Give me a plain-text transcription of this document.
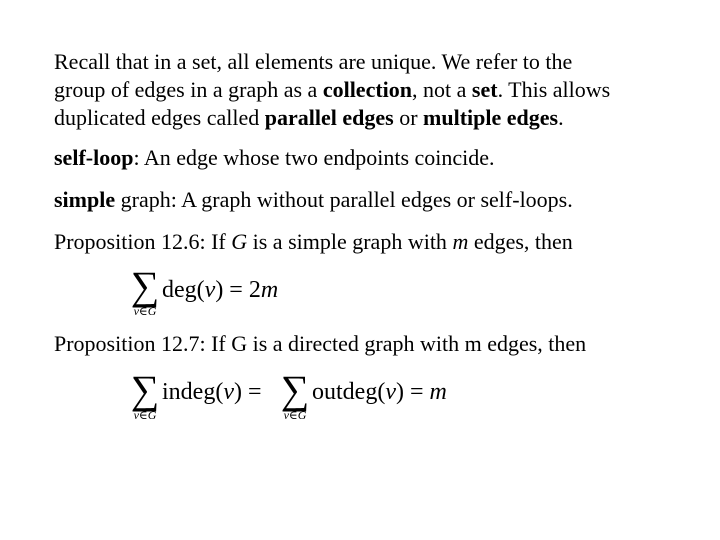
Recall that in a set, all elements are unique. We refer to the
group of edges in a graph as a collection, not a set. This allows
duplicated edges called parallel edges or multiple edges.
self-loop: An edge whose two endpoints coincide.
simple graph: A graph without parallel edges or self-loops.
Proposition 12.6: If G is a simple graph with m edges, then
∑
v∈G
deg(v) = 2m
Proposition 12.7: If G is a directed graph with m edges, then
∑
v∈G
indeg(v) = ∑
v∈G
outdeg(v) = m
